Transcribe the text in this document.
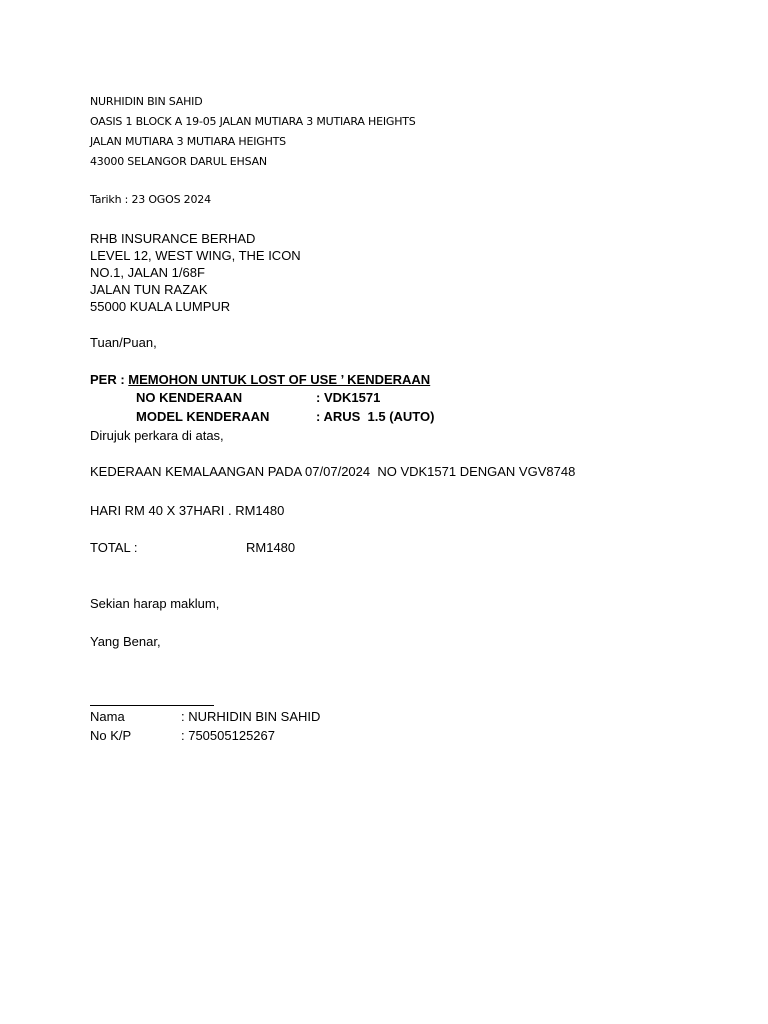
NURHIDIN BIN SAHID
OASIS 1 BLOCK A 19-05 JALAN MUTIARA 3 MUTIARA HEIGHTS
JALAN MUTIARA 3 MUTIARA HEIGHTS
43000 SELANGOR DARUL EHSAN
Tarikh : 23 OGOS 2024
RHB INSURANCE BERHAD
LEVEL 12, WEST WING, THE ICON
NO.1, JALAN 1/68F
JALAN TUN RAZAK
55000 KUALA LUMPUR
Tuan/Puan,
PER : MEMOHON UNTUK LOST OF USE ’ KENDERAAN
NO KENDERAAN	: VDK1571
MODEL KENDERAAN	: ARUS  1.5 (AUTO)
Dirujuk perkara di atas,
KEDERAAN KEMALAANGAN PADA 07/07/2024  NO VDK1571 DENGAN VGV8748
HARI RM 40 X 37HARI . RM1480
TOTAL :	RM1480
Sekian harap maklum,
Yang Benar,
Nama	: NURHIDIN BIN SAHID
No K/P	: 750505125267
